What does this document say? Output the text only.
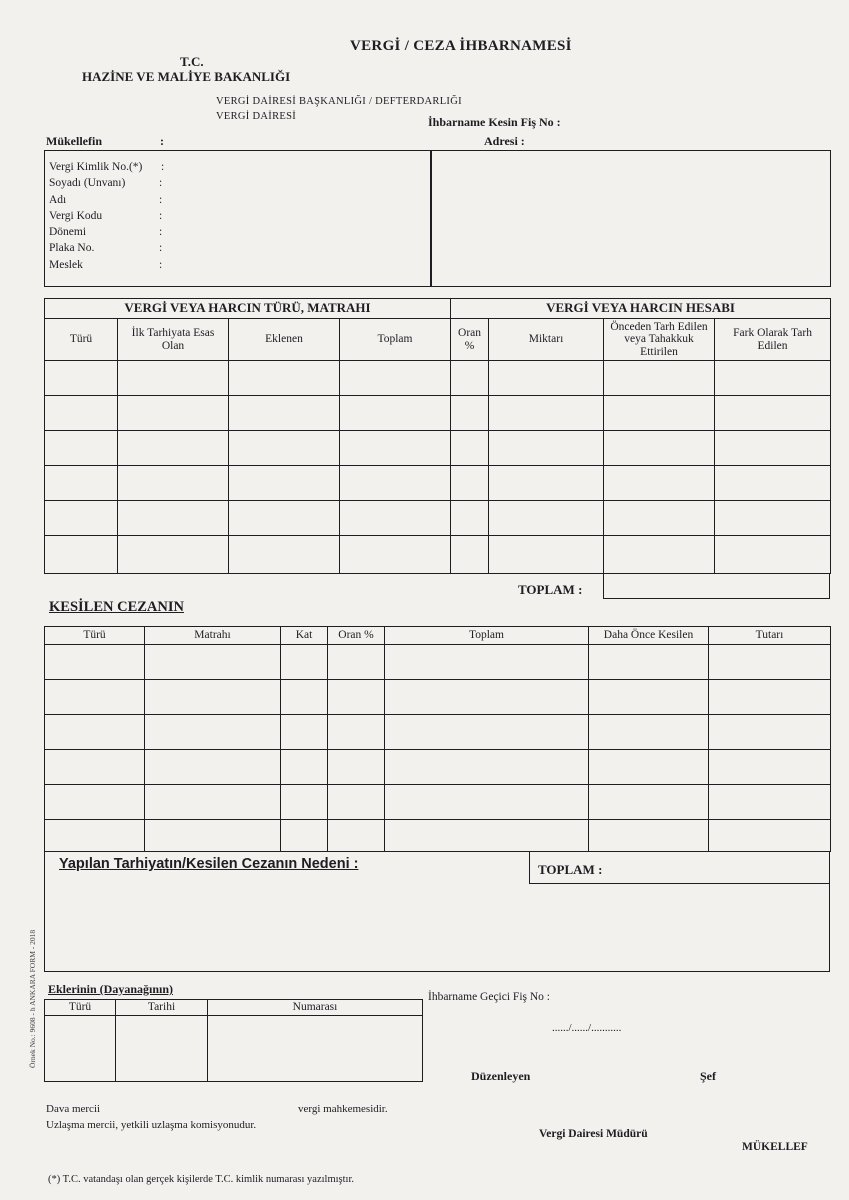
VERGİ / CEZA İHBARNAMESİ
T.C.
HAZİNE VE MALİYE BAKANLIĞI
VERGİ DAİRESİ BAŞKANLIĞI / DEFTERDARLIĞI
VERGİ DAİRESİ	İhbarname Kesin Fiş No :
Mükellefin	:	Adresi :
Vergi Kimlik No.(*) :
Soyadı (Unvanı)	:
Adı	:
Vergi Kodu	:
Dönemi	:
Plaka No.	:
Meslek	:
VERGİ VEYA HARCIN TÜRÜ, MATRAHI				VERGİ VEYA HARCIN HESABI			
Türü	İlk Tarhiyata Esas Olan	Eklenen	Toplam	Oran %	Miktarı	Önceden Tarh Edilen veya Tahakkuk Ettirilen	Fark Olarak Tarh Edilen

TOPLAM :
KESİLEN CEZANIN
Türü	Matrahı	Kat	Oran %	Toplam	Daha Önce Kesilen	Tutarı

TOPLAM :
Yapılan Tarhiyatın/Kesilen Cezanın Nedeni :
Eklerinin (Dayanağının)
Türü	Tarihi	Numarası

İhbarname Geçici Fiş No :
....../....../...........
Düzenleyen	Şef
Vergi Dairesi Müdürü
MÜKELLEF
Dava mercii	vergi mahkemesidir.
Uzlaşma mercii, yetkili uzlaşma komisyonudur.
(*) T.C. vatandaşı olan gerçek kişilerde T.C. kimlik numarası yazılmıştır.
Örnek No.: 9608 - h ANKARA FORM - 2018
